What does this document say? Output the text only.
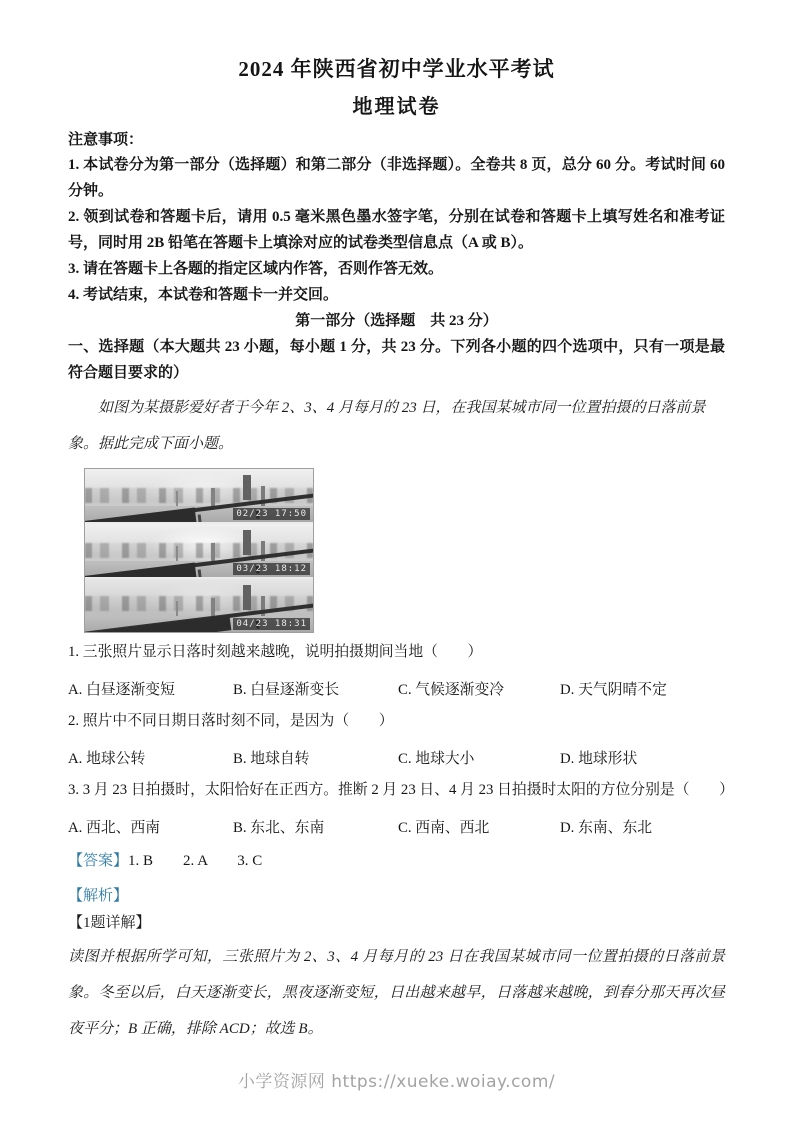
2024 年陕西省初中学业水平考试
地理试卷
注意事项：
1. 本试卷分为第一部分（选择题）和第二部分（非选择题）。全卷共 8 页，总分 60 分。考试时间 60 分钟。
2. 领到试卷和答题卡后，请用 0.5 毫米黑色墨水签字笔，分别在试卷和答题卡上填写姓名和准考证号，同时用 2B 铅笔在答题卡上填涂对应的试卷类型信息点（A 或 B）。
3. 请在答题卡上各题的指定区域内作答，否则作答无效。
4. 考试结束，本试卷和答题卡一并交回。
第一部分（选择题　共 23 分）
一、选择题（本大题共 23 小题，每小题 1 分，共 23 分。下列各小题的四个选项中，只有一项是最符合题目要求的）
如图为某摄影爱好者于今年 2、3、4 月每月的 23 日，在我国某城市同一位置拍摄的日落前景象。据此完成下面小题。
02/23 17:50
03/23 18:12
04/23 18:31
1. 三张照片显示日落时刻越来越晚，说明拍摄期间当地（　　）
A. 白昼逐渐变短	B. 白昼逐渐变长	C. 气候逐渐变冷	D. 天气阴晴不定
2. 照片中不同日期日落时刻不同，是因为（　　）
A. 地球公转	B. 地球自转	C. 地球大小	D. 地球形状
3. 3 月 23 日拍摄时，太阳恰好在正西方。推断 2 月 23 日、4 月 23 日拍摄时太阳的方位分别是（　　）
A. 西北、西南	B. 东北、东南	C. 西南、西北	D. 东南、东北
【答案】1. B　　2. A　　3. C
【解析】
【1题详解】
读图并根据所学可知，三张照片为 2、3、4 月每月的 23 日在我国某城市同一位置拍摄的日落前景象。冬至以后，白天逐渐变长，黑夜逐渐变短，日出越来越早，日落越来越晚，到春分那天再次昼夜平分；B 正确，排除 ACD；故选 B。
小学资源网 https://xueke.woiay.com/
